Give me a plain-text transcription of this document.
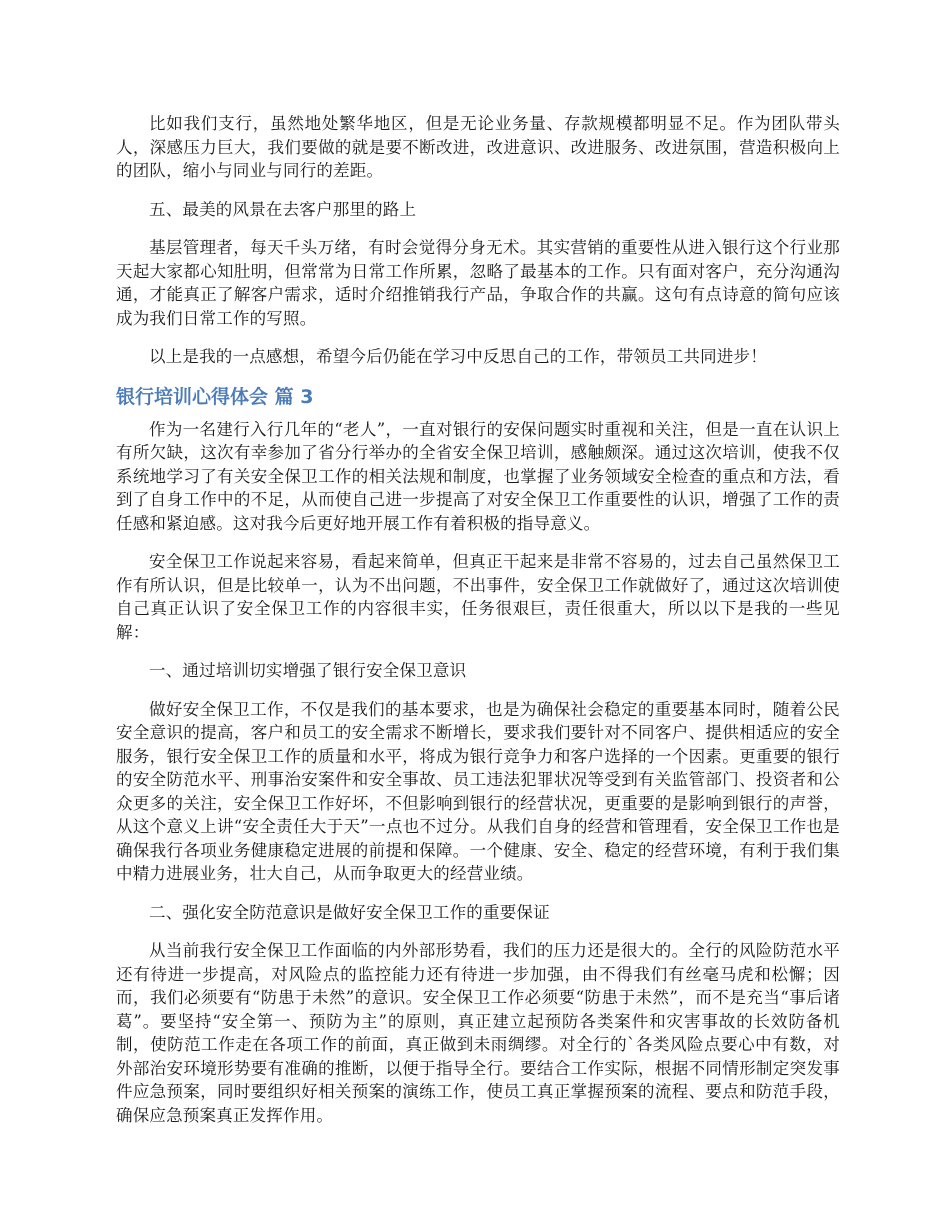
比如我们支行，虽然地处繁华地区，但是无论业务量、存款规模都明显不足。作为团队带头人，深感压力巨大，我们要做的就是要不断改进，改进意识、改进服务、改进氛围，营造积极向上的团队，缩小与同业与同行的差距。

五、最美的风景在去客户那里的路上

基层管理者，每天千头万绪，有时会觉得分身无术。其实营销的重要性从进入银行这个行业那天起大家都心知肚明，但常常为日常工作所累，忽略了最基本的工作。只有面对客户，充分沟通沟通，才能真正了解客户需求，适时介绍推销我行产品，争取合作的共赢。这句有点诗意的简句应该成为我们日常工作的写照。

以上是我的一点感想，希望今后仍能在学习中反思自己的工作，带领员工共同进步！

银行培训心得体会 篇 3

作为一名建行入行几年的“老人”，一直对银行的安保问题实时重视和关注，但是一直在认识上有所欠缺，这次有幸参加了省分行举办的全省安全保卫培训，感触颇深。通过这次培训，使我不仅系统地学习了有关安全保卫工作的相关法规和制度，也掌握了业务领域安全检查的重点和方法，看到了自身工作中的不足，从而使自己进一步提高了对安全保卫工作重要性的认识，增强了工作的责任感和紧迫感。这对我今后更好地开展工作有着积极的指导意义。

安全保卫工作说起来容易，看起来简单，但真正干起来是非常不容易的，过去自己虽然保卫工作有所认识，但是比较单一，认为不出问题，不出事件，安全保卫工作就做好了，通过这次培训使自己真正认识了安全保卫工作的内容很丰实，任务很艰巨，责任很重大，所以以下是我的一些见解：

一、通过培训切实增强了银行安全保卫意识

做好安全保卫工作，不仅是我们的基本要求，也是为确保社会稳定的重要基本同时，随着公民安全意识的提高，客户和员工的安全需求不断增长，要求我们要针对不同客户、提供相适应的安全服务，银行安全保卫工作的质量和水平，将成为银行竞争力和客户选择的一个因素。更重要的银行的安全防范水平、刑事治安案件和安全事故、员工违法犯罪状况等受到有关监管部门、投资者和公众更多的关注，安全保卫工作好坏，不但影响到银行的经营状况，更重要的是影响到银行的声誉，从这个意义上讲“安全责任大于天”一点也不过分。从我们自身的经营和管理看，安全保卫工作也是确保我行各项业务健康稳定进展的前提和保障。一个健康、安全、稳定的经营环境，有利于我们集中精力进展业务，壮大自己，从而争取更大的经营业绩。

二、强化安全防范意识是做好安全保卫工作的重要保证

从当前我行安全保卫工作面临的内外部形势看，我们的压力还是很大的。全行的风险防范水平还有待进一步提高，对风险点的监控能力还有待进一步加强，由不得我们有丝毫马虎和松懈；因而，我们必须要有“防患于未然”的意识。安全保卫工作必须要“防患于未然”，而不是充当“事后诸葛”。要坚持“安全第一、预防为主”的原则，真正建立起预防各类案件和灾害事故的长效防备机制，使防范工作走在各项工作的前面，真正做到未雨绸缪。对全行的`各类风险点要心中有数，对外部治安环境形势要有准确的推断，以便于指导全行。要结合工作实际，根据不同情形制定突发事件应急预案，同时要组织好相关预案的演练工作，使员工真正掌握预案的流程、要点和防范手段，确保应急预案真正发挥作用。
